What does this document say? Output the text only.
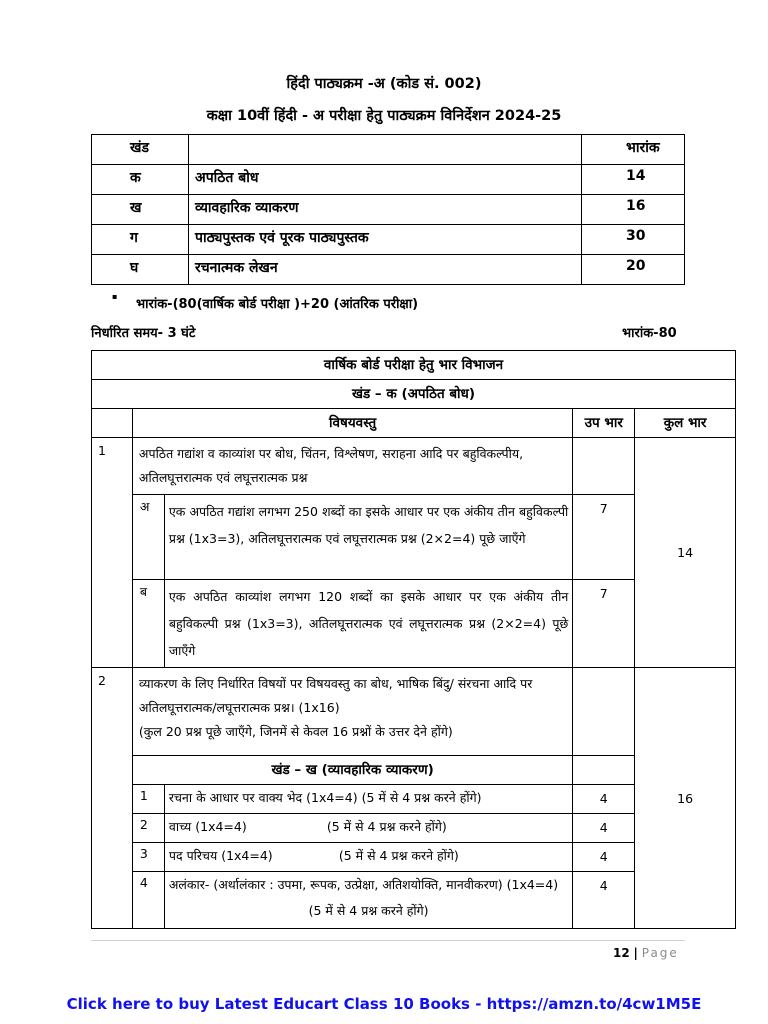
हिंदी पाठ्यक्रम -अ (कोड सं. 002)
कक्षा 10वीं हिंदी - अ परीक्षा हेतु पाठ्यक्रम विनिर्देशन 2024-25
खंड		भारांक
क	अपठित बोध	14
ख	व्यावहारिक व्याकरण	16
ग	पाठ्यपुस्तक एवं पूरक पाठ्यपुस्तक	30
घ	रचनात्मक लेखन	20
▪
भारांक-(80(वार्षिक बोर्ड परीक्षा )+20 (आंतरिक परीक्षा)
निर्धारित समय- 3 घंटे	भारांक-80
वार्षिक बोर्ड परीक्षा हेतु भार विभाजन				
खंड – क (अपठित बोध)				
	विषयवस्तु		उप भार	कुल भार
1	अपठित गद्यांश व काव्यांश पर बोध, चिंतन, विश्लेषण, सराहना आदि पर बहुविकल्पीय, अतिलघूत्तरात्मक एवं लघूत्तरात्मक प्रश्न			14
	अ	एक अपठित गद्यांश लगभग 250 शब्दों का इसके आधार पर एक अंकीय तीन बहुविकल्पी प्रश्न (1x3=3), अतिलघूत्तरात्मक एवं लघूत्तरात्मक प्रश्न (2×2=4) पूछे जाएँगे	7	
	ब	एक अपठित काव्यांश लगभग 120 शब्दों का इसके आधार पर एक अंकीय तीन बहुविकल्पी प्रश्न (1x3=3), अतिलघूत्तरात्मक एवं लघूत्तरात्मक प्रश्न (2×2=4) पूछे जाएँगे	7	
2	व्याकरण के लिए निर्धारित विषयों पर विषयवस्तु का बोध, भाषिक बिंदु/ संरचना आदि पर अतिलघूत्तरात्मक/लघूत्तरात्मक प्रश्न। (1x16)
(कुल 20 प्रश्न पूछे जाएँगे, जिनमें से केवल 16 प्रश्नों के उत्तर देने होंगे)			16
	खंड – ख (व्यावहारिक व्याकरण)			
	1	रचना के आधार पर वाक्य भेद (1x4=4) (5 में से 4 प्रश्न करने होंगे)	4	
	2	वाच्य (1x4=4) (5 में से 4 प्रश्न करने होंगे)	4	
	3	पद परिचय (1x4=4) (5 में से 4 प्रश्न करने होंगे)	4	
	4	अलंकार- (अर्थालंकार : उपमा, रूपक, उत्प्रेक्षा, अतिशयोक्ति, मानवीकरण) (1x4=4)
(5 में से 4 प्रश्न करने होंगे)	4	
12 | Page
Click here to buy Latest Educart Class 10 Books - https://amzn.to/4cw1M5E
